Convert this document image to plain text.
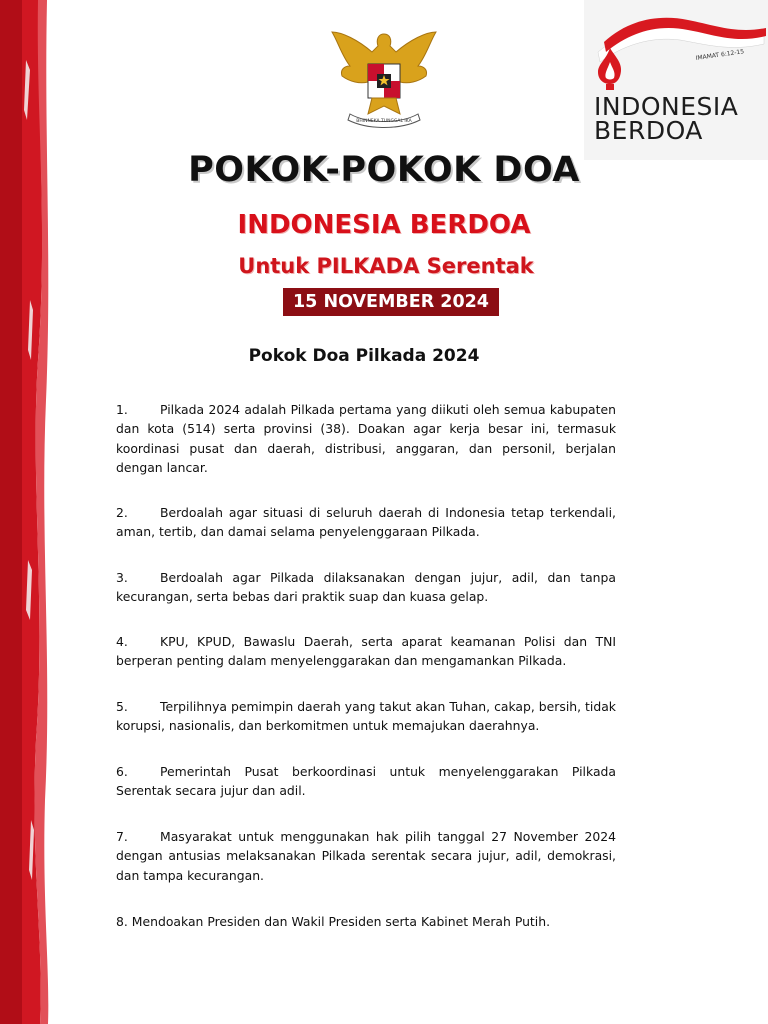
BHINNEKA TUNGGAL IKA
IMAMAT 6:12-15
INDONESIA
BERDOA
POKOK-POKOK DOA
INDONESIA BERDOA
Untuk PILKADA Serentak
15 NOVEMBER 2024
Pokok Doa Pilkada 2024
1.	Pilkada 2024 adalah Pilkada pertama yang diikuti oleh semua kabupaten dan kota (514) serta provinsi (38). Doakan agar kerja besar ini, termasuk koordinasi pusat dan daerah, distribusi, anggaran, dan personil, berjalan dengan lancar.
2.	Berdoalah agar situasi di seluruh daerah di Indonesia tetap terkendali, aman, tertib, dan damai selama penyelenggaraan Pilkada.
3.	Berdoalah agar Pilkada dilaksanakan dengan jujur, adil, dan tanpa kecurangan, serta bebas dari praktik suap dan kuasa gelap.
4.	KPU, KPUD, Bawaslu Daerah, serta aparat keamanan Polisi dan TNI berperan penting dalam menyelenggarakan dan mengamankan Pilkada.
5.	Terpilihnya pemimpin daerah yang takut akan Tuhan, cakap, bersih, tidak korupsi, nasionalis, dan berkomitmen untuk memajukan daerahnya.
6.	Pemerintah Pusat berkoordinasi untuk menyelenggarakan Pilkada Serentak secara jujur dan adil.
7.	Masyarakat untuk menggunakan hak pilih tanggal 27 November 2024 dengan antusias melaksanakan Pilkada serentak secara jujur, adil, demokrasi, dan tampa kecurangan.
8. Mendoakan Presiden dan Wakil Presiden serta Kabinet Merah Putih.
